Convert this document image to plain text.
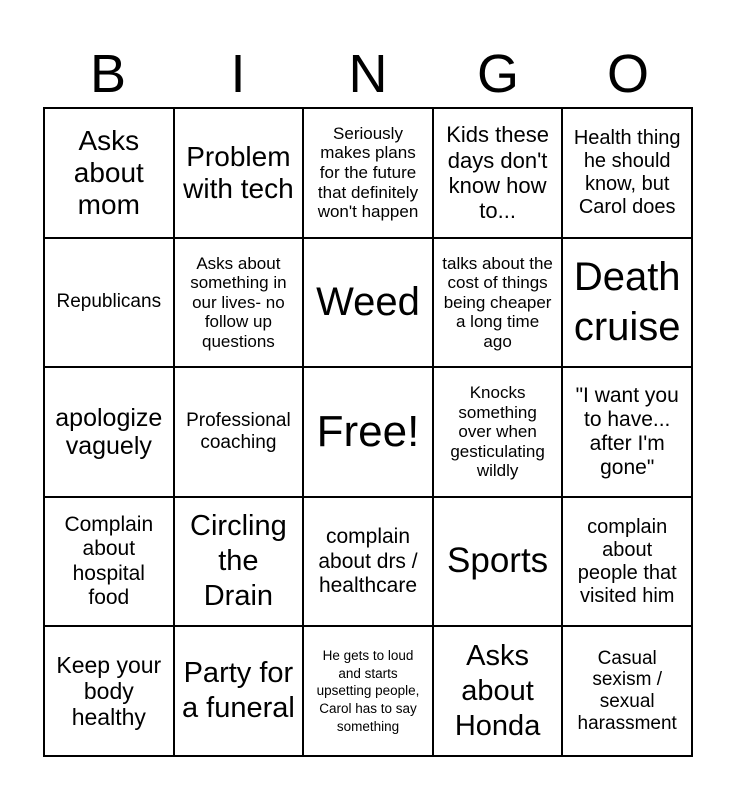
B	I	N	G	O
Asks about mom
Problem with tech
Seriously makes plans for the future that definitely won't happen
Kids these days don't know how to...
Health thing he should know, but Carol does
Republicans
Asks about something in our lives- no follow up questions
Weed
talks about the cost of things being cheaper a long time ago
Death cruise
apologize vaguely
Professional coaching Free!
Knocks something over when gesticulating wildly
"I want you to have... after I'm gone"
Complain about hospital food
Circling the Drain
complain about drs / healthcare
Sports
complain about people that visited him
Keep your body healthy
Party for a funeral
He gets to loud and starts upsetting people, Carol has to say something
Asks about Honda
Casual sexism / sexual harassment
